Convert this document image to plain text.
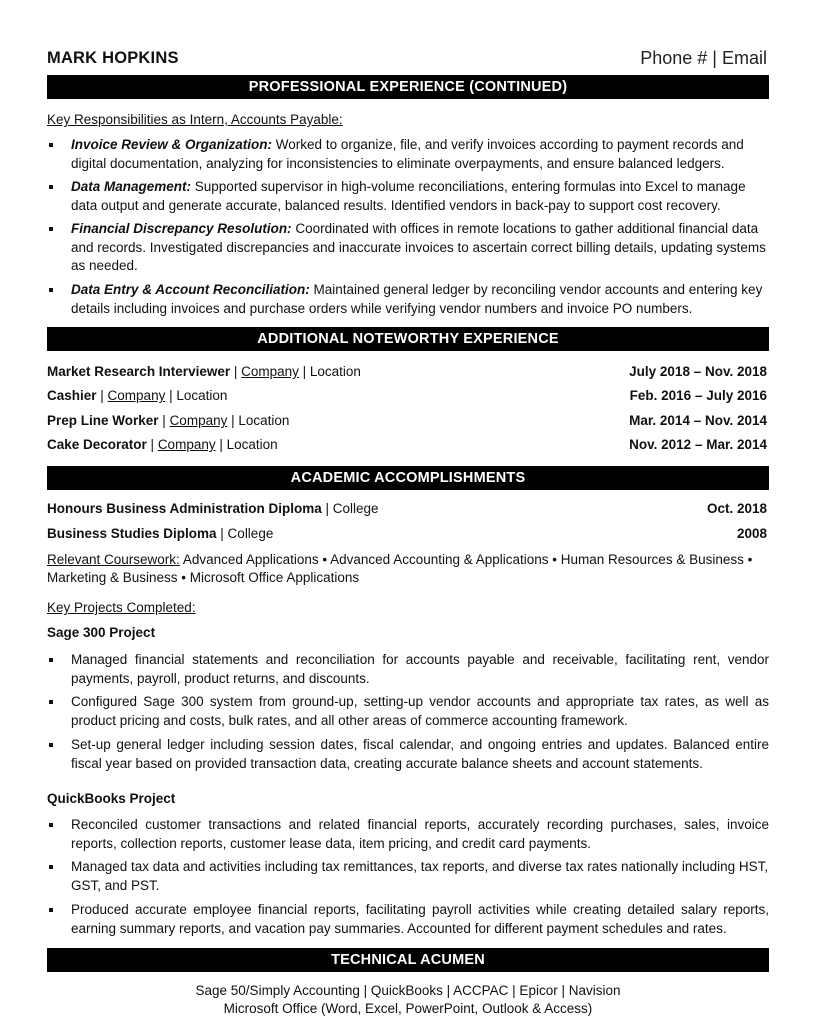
MARK HOPKINS	Phone # | Email
PROFESSIONAL EXPERIENCE (CONTINUED)
Key Responsibilities as Intern, Accounts Payable:
Invoice Review & Organization: Worked to organize, file, and verify invoices according to payment records and digital documentation, analyzing for inconsistencies to eliminate overpayments, and ensure balanced ledgers.
Data Management: Supported supervisor in high-volume reconciliations, entering formulas into Excel to manage data output and generate accurate, balanced results. Identified vendors in back-pay to support cost recovery.
Financial Discrepancy Resolution: Coordinated with offices in remote locations to gather additional financial data and records. Investigated discrepancies and inaccurate invoices to ascertain correct billing details, updating systems as needed.
Data Entry & Account Reconciliation: Maintained general ledger by reconciling vendor accounts and entering key details including invoices and purchase orders while verifying vendor numbers and invoice PO numbers.
ADDITIONAL NOTEWORTHY EXPERIENCE
Market Research Interviewer | Company | Location	July 2018 – Nov. 2018
Cashier | Company | Location	Feb. 2016 – July 2016
Prep Line Worker | Company | Location	Mar. 2014 – Nov. 2014
Cake Decorator | Company | Location	Nov. 2012 – Mar. 2014
ACADEMIC ACCOMPLISHMENTS
Honours Business Administration Diploma | College	Oct. 2018
Business Studies Diploma | College	2008
Relevant Coursework: Advanced Applications • Advanced Accounting & Applications • Human Resources & Business • Marketing & Business • Microsoft Office Applications
Key Projects Completed:
Sage 300 Project
Managed financial statements and reconciliation for accounts payable and receivable, facilitating rent, vendor payments, payroll, product returns, and discounts.
Configured Sage 300 system from ground-up, setting-up vendor accounts and appropriate tax rates, as well as product pricing and costs, bulk rates, and all other areas of commerce accounting framework.
Set-up general ledger including session dates, fiscal calendar, and ongoing entries and updates. Balanced entire fiscal year based on provided transaction data, creating accurate balance sheets and account statements.
QuickBooks Project
Reconciled customer transactions and related financial reports, accurately recording purchases, sales, invoice reports, collection reports, customer lease data, item pricing, and credit card payments.
Managed tax data and activities including tax remittances, tax reports, and diverse tax rates nationally including HST, GST, and PST.
Produced accurate employee financial reports, facilitating payroll activities while creating detailed salary reports, earning summary reports, and vacation pay summaries. Accounted for different payment schedules and rates.
TECHNICAL ACUMEN
Sage 50/Simply Accounting | QuickBooks | ACCPAC | Epicor | Navision
Microsoft Office (Word, Excel, PowerPoint, Outlook & Access)
